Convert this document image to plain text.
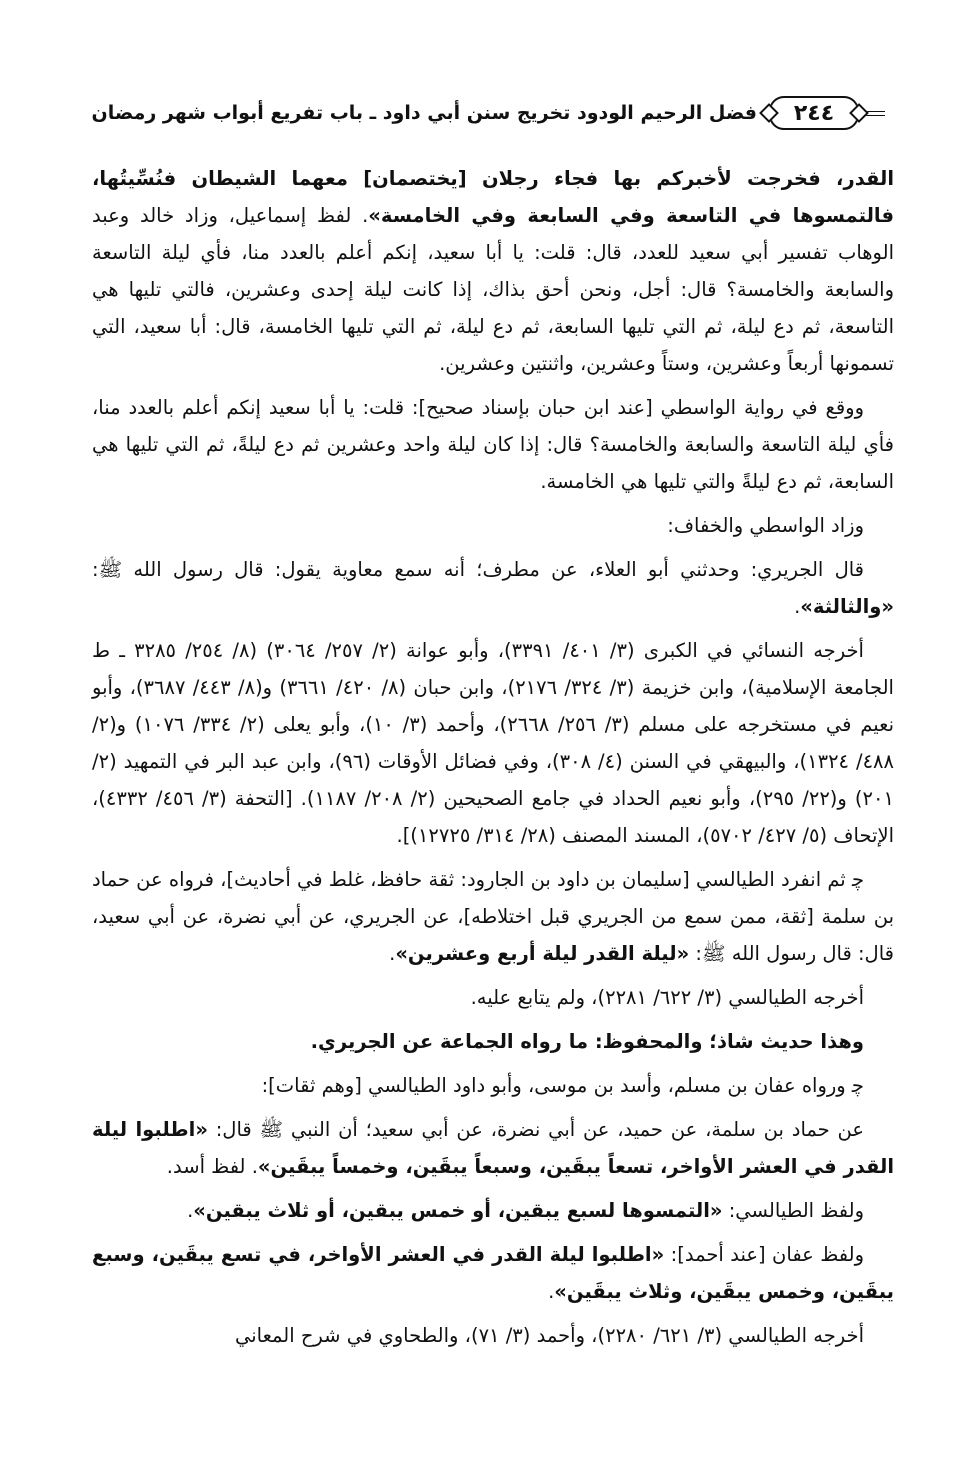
٢٤٤
فضل الرحيم الودود تخريج سنن أبي داود ـ باب تفريع أبواب شهر رمضان

القدر، فخرجت لأخبركم بها فجاء رجلان [يختصمان] معهما الشيطان فنُسِّيتُها، فالتمسوها في التاسعة وفي السابعة وفي الخامسة». لفظ إسماعيل، وزاد خالد وعبد الوهاب تفسير أبي سعيد للعدد، قال: قلت: يا أبا سعيد، إنكم أعلم بالعدد منا، فأي ليلة التاسعة والسابعة والخامسة؟ قال: أجل، ونحن أحق بذاك، إذا كانت ليلة إحدى وعشرين، فالتي تليها هي التاسعة، ثم دع ليلة، ثم التي تليها السابعة، ثم دع ليلة، ثم التي تليها الخامسة، قال: أبا سعيد، التي تسمونها أربعاً وعشرين، وستاً وعشرين، واثنتين وعشرين.

ووقع في رواية الواسطي [عند ابن حبان بإسناد صحيح]: قلت: يا أبا سعيد إنكم أعلم بالعدد منا، فأي ليلة التاسعة والسابعة والخامسة؟ قال: إذا كان ليلة واحد وعشرين ثم دع ليلةً، ثم التي تليها هي السابعة، ثم دع ليلةً والتي تليها هي الخامسة.

وزاد الواسطي والخفاف:

قال الجريري: وحدثني أبو العلاء، عن مطرف؛ أنه سمع معاوية يقول: قال رسول الله ﷺ: «والثالثة».

أخرجه النسائي في الكبرى (٣/ ٤٠١/ ٣٣٩١)، وأبو عوانة (٢/ ٢٥٧/ ٣٠٦٤) (٨/ ٢٥٤/ ٣٢٨٥ ـ ط الجامعة الإسلامية)، وابن خزيمة (٣/ ٣٢٤/ ٢١٧٦)، وابن حبان (٨/ ٤٢٠/ ٣٦٦١) و(٨/ ٤٤٣/ ٣٦٨٧)، وأبو نعيم في مستخرجه على مسلم (٣/ ٢٥٦/ ٢٦٦٨)، وأحمد (٣/ ١٠)، وأبو يعلى (٢/ ٣٣٤/ ١٠٧٦) و(٢/ ٤٨٨/ ١٣٢٤)، والبيهقي في السنن (٤/ ٣٠٨)، وفي فضائل الأوقات (٩٦)، وابن عبد البر في التمهيد (٢/ ٢٠١) و(٢٢/ ٢٩٥)، وأبو نعيم الحداد في جامع الصحيحين (٢/ ٢٠٨/ ١١٨٧). [التحفة (٣/ ٤٥٦/ ٤٣٣٢)، الإتحاف (٥/ ٤٢٧/ ٥٧٠٢)، المسند المصنف (٢٨/ ٣١٤/ ١٢٧٢٥)].

ﭼ ثم انفرد الطيالسي [سليمان بن داود بن الجارود: ثقة حافظ، غلط في أحاديث]، فرواه عن حماد بن سلمة [ثقة، ممن سمع من الجريري قبل اختلاطه]، عن الجريري، عن أبي نضرة، عن أبي سعيد، قال: قال رسول الله ﷺ: «ليلة القدر ليلة أربع وعشرين».

أخرجه الطيالسي (٣/ ٦٢٢/ ٢٢٨١)، ولم يتابع عليه.

وهذا حديث شاذ؛ والمحفوظ: ما رواه الجماعة عن الجريري.

ﭼ ورواه عفان بن مسلم، وأسد بن موسى، وأبو داود الطيالسي [وهم ثقات]:

عن حماد بن سلمة، عن حميد، عن أبي نضرة، عن أبي سعيد؛ أن النبي ﷺ قال: «اطلبوا ليلة القدر في العشر الأواخر، تسعاً يبقَين، وسبعاً يبقَين، وخمساً يبقَين». لفظ أسد.

ولفظ الطيالسي: «التمسوها لسبع يبقين، أو خمس يبقين، أو ثلاث يبقين».

ولفظ عفان [عند أحمد]: «اطلبوا ليلة القدر في العشر الأواخر، في تسع يبقَين، وسبع يبقَين، وخمس يبقَين، وثلاث يبقَين».

أخرجه الطيالسي (٣/ ٦٢١/ ٢٢٨٠)، وأحمد (٣/ ٧١)، والطحاوي في شرح المعاني
